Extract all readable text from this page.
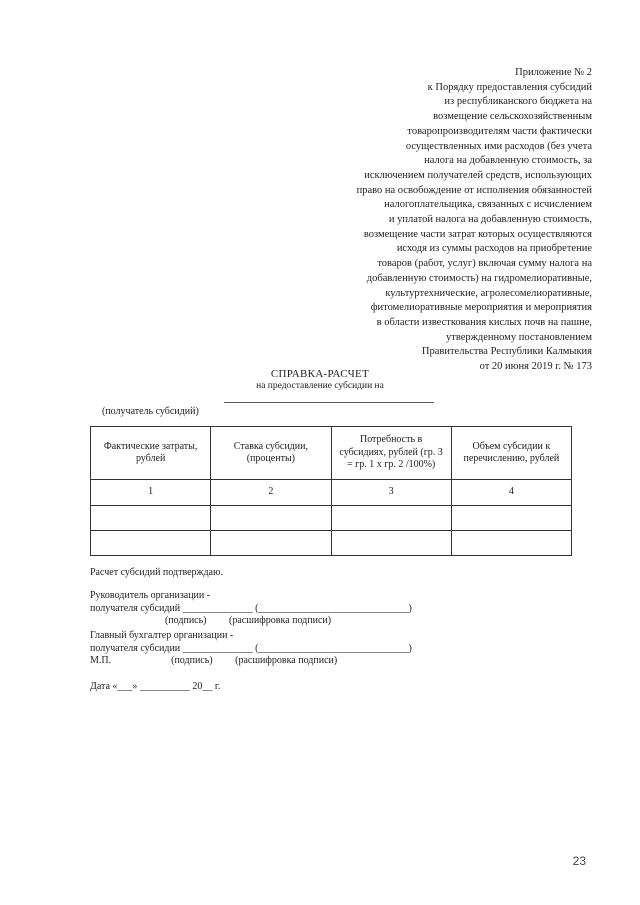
Приложение № 2
к Порядку предоставления субсидий
из республиканского бюджета на
возмещение сельскохозяйственным
товаропроизводителям части фактически
осуществленных ими расходов (без учета
налога на добавленную стоимость, за
исключением получателей средств, использующих
право на освобождение от исполнения обязанностей
налогоплательщика, связанных с исчислением
и уплатой налога на добавленную стоимость,
возмещение части затрат которых осуществляются
исходя из суммы расходов на приобретение
товаров (работ, услуг) включая сумму налога на
добавленную стоимость) на гидромелиоративные,
культуртехнические, агролесомелиоративные,
фитомелиоративные мероприятия и мероприятия
в области известкования кислых почв на пашне,
утвержденному постановлением
Правительства Республики Калмыкия
от 20 июня 2019 г. № 173
СПРАВКА-РАСЧЕТ
на предоставление субсидии на
(получатель субсидий)
Фактические затраты, рублей	Ставка субсидии, (проценты)	Потребность в субсидиях, рублей (гр. 3 = гр. 1 x гр. 2 /100%)	Объем субсидии к перечислению, рублей
1	2	3	4

Расчет субсидий подтверждаю.
Руководитель организации -
получателя субсидий ______________ (______________________________)
(подпись)         (расшифровка подписи)
Главный бухгалтер организации -
получателя субсидии ______________ (______________________________)
М.П.                        (подпись)         (расшифровка подписи)
Дата «___» __________ 20__ г.
23
